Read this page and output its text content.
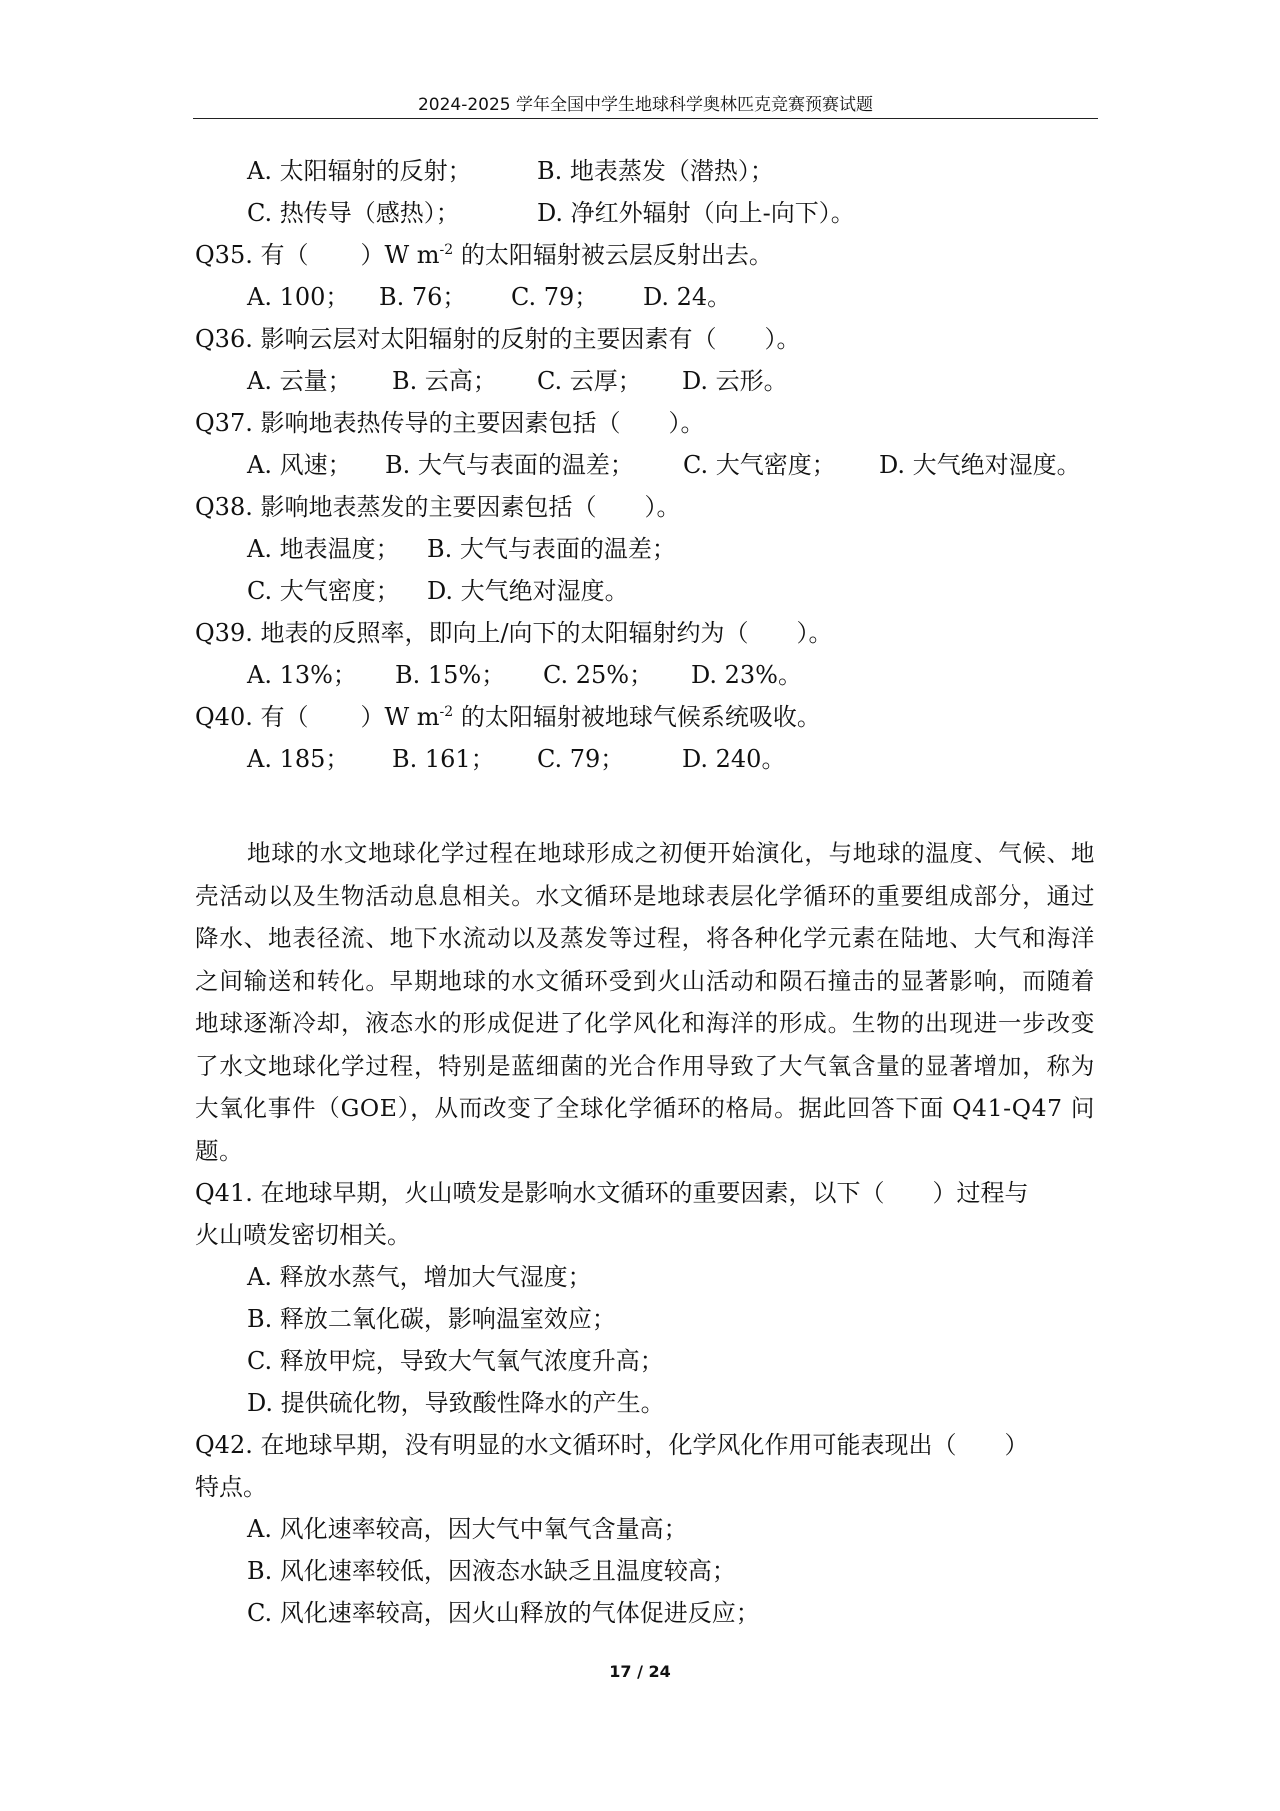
2024-2025 学年全国中学生地球科学奥林匹克竞赛预赛试题
A. 太阳辐射的反射；	B. 地表蒸发（潜热）；
C. 热传导（感热）；	D. 净红外辐射（向上-向下）。
Q35. 有（ ）W $m^{-2}$ 的太阳辐射被云层反射出去。
A. 100； B. 76； C. 79； D. 24。
Q36. 影响云层对太阳辐射的反射的主要因素有（　　）。
A. 云量； B. 云高； C. 云厚； D. 云形。
Q37. 影响地表热传导的主要因素包括（　　）。
A. 风速； B. 大气与表面的温差； C. 大气密度； D. 大气绝对湿度。
Q38. 影响地表蒸发的主要因素包括（　　）。
A. 地表温度； B. 大气与表面的温差；
C. 大气密度； D. 大气绝对湿度。
Q39. 地表的反照率，即向上/向下的太阳辐射约为（　　）。
A. 13%； B. 15%； C. 25%； D. 23%。
Q40. 有（ ）W $m^{-2}$ 的太阳辐射被地球气候系统吸收。
A. 185； B. 161； C. 79； D. 240。

地球的水文地球化学过程在地球形成之初便开始演化，与地球的温度、气候、地壳活动以及生物活动息息相关。水文循环是地球表层化学循环的重要组成部分，通过降水、地表径流、地下水流动以及蒸发等过程，将各种化学元素在陆地、大气和海洋之间输送和转化。早期地球的水文循环受到火山活动和陨石撞击的显著影响，而随着地球逐渐冷却，液态水的形成促进了化学风化和海洋的形成。生物的出现进一步改变了水文地球化学过程，特别是蓝细菌的光合作用导致了大气氧含量的显著增加，称为大氧化事件（GOE），从而改变了全球化学循环的格局。据此回答下面 Q41-Q47 问题。

Q41. 在地球早期，火山喷发是影响水文循环的重要因素，以下（　　）过程与
火山喷发密切相关。
A. 释放水蒸气，增加大气湿度；
B. 释放二氧化碳，影响温室效应；
C. 释放甲烷，导致大气氧气浓度升高；
D. 提供硫化物，导致酸性降水的产生。
Q42. 在地球早期，没有明显的水文循环时，化学风化作用可能表现出（　　）
特点。
A. 风化速率较高，因大气中氧气含量高；
B. 风化速率较低，因液态水缺乏且温度较高；
C. 风化速率较高，因火山释放的气体促进反应；
17 / 24
